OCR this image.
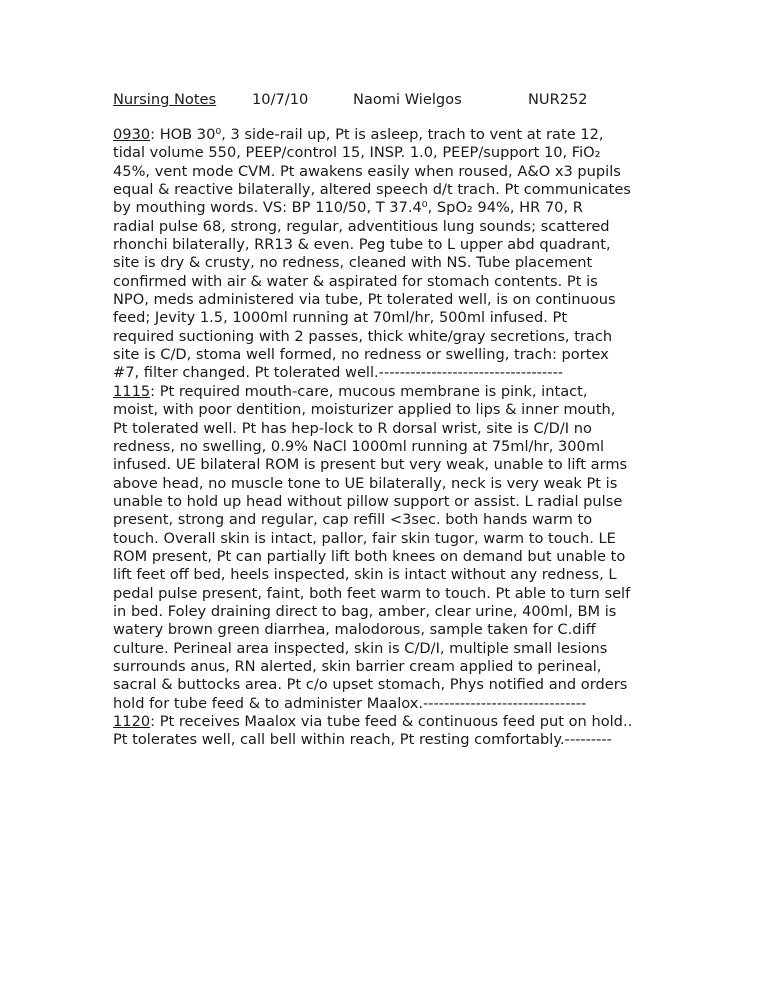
Nursing Notes 10/7/10	Naomi Wielgos	NUR252
0930: HOB 30⁰, 3 side-rail up, Pt is asleep, trach to vent at rate 12,
tidal volume 550, PEEP/control 15, INSP. 1.0, PEEP/support 10, FiO₂
45%, vent mode CVM. Pt awakens easily when roused, A&O x3 pupils
equal & reactive bilaterally, altered speech d/t trach. Pt communicates
by mouthing words. VS: BP 110/50, T 37.4⁰, SpO₂ 94%, HR 70, R
radial pulse 68, strong, regular, adventitious lung sounds; scattered
rhonchi bilaterally, RR13 & even. Peg tube to L upper abd quadrant,
site is dry & crusty, no redness, cleaned with NS. Tube placement
confirmed with air & water & aspirated for stomach contents. Pt is
NPO, meds administered via tube, Pt tolerated well, is on continuous
feed; Jevity 1.5, 1000ml running at 70ml/hr, 500ml infused. Pt
required suctioning with 2 passes, thick white/gray secretions, trach
site is C/D, stoma well formed, no redness or swelling, trach: portex
#7, filter changed. Pt tolerated well.-----------------------------------
1115: Pt required mouth-care, mucous membrane is pink, intact,
moist, with poor dentition, moisturizer applied to lips & inner mouth,
Pt tolerated well. Pt has hep-lock to R dorsal wrist, site is C/D/I no
redness, no swelling, 0.9% NaCl 1000ml running at 75ml/hr, 300ml
infused. UE bilateral ROM is present but very weak, unable to lift arms
above head, no muscle tone to UE bilaterally, neck is very weak Pt is
unable to hold up head without pillow support or assist. L radial pulse
present, strong and regular, cap refill <3sec. both hands warm to
touch. Overall skin is intact, pallor, fair skin tugor, warm to touch. LE
ROM present, Pt can partially lift both knees on demand but unable to
lift feet off bed, heels inspected, skin is intact without any redness, L
pedal pulse present, faint, both feet warm to touch. Pt able to turn self
in bed. Foley draining direct to bag, amber, clear urine, 400ml, BM is
watery brown green diarrhea, malodorous, sample taken for C.diff
culture. Perineal area inspected, skin is C/D/I, multiple small lesions
surrounds anus, RN alerted, skin barrier cream applied to perineal,
sacral & buttocks area. Pt c/o upset stomach, Phys notified and orders
hold for tube feed & to administer Maalox.-------------------------------
1120: Pt receives Maalox via tube feed & continuous feed put on hold..
Pt tolerates well, call bell within reach, Pt resting comfortably.---------
